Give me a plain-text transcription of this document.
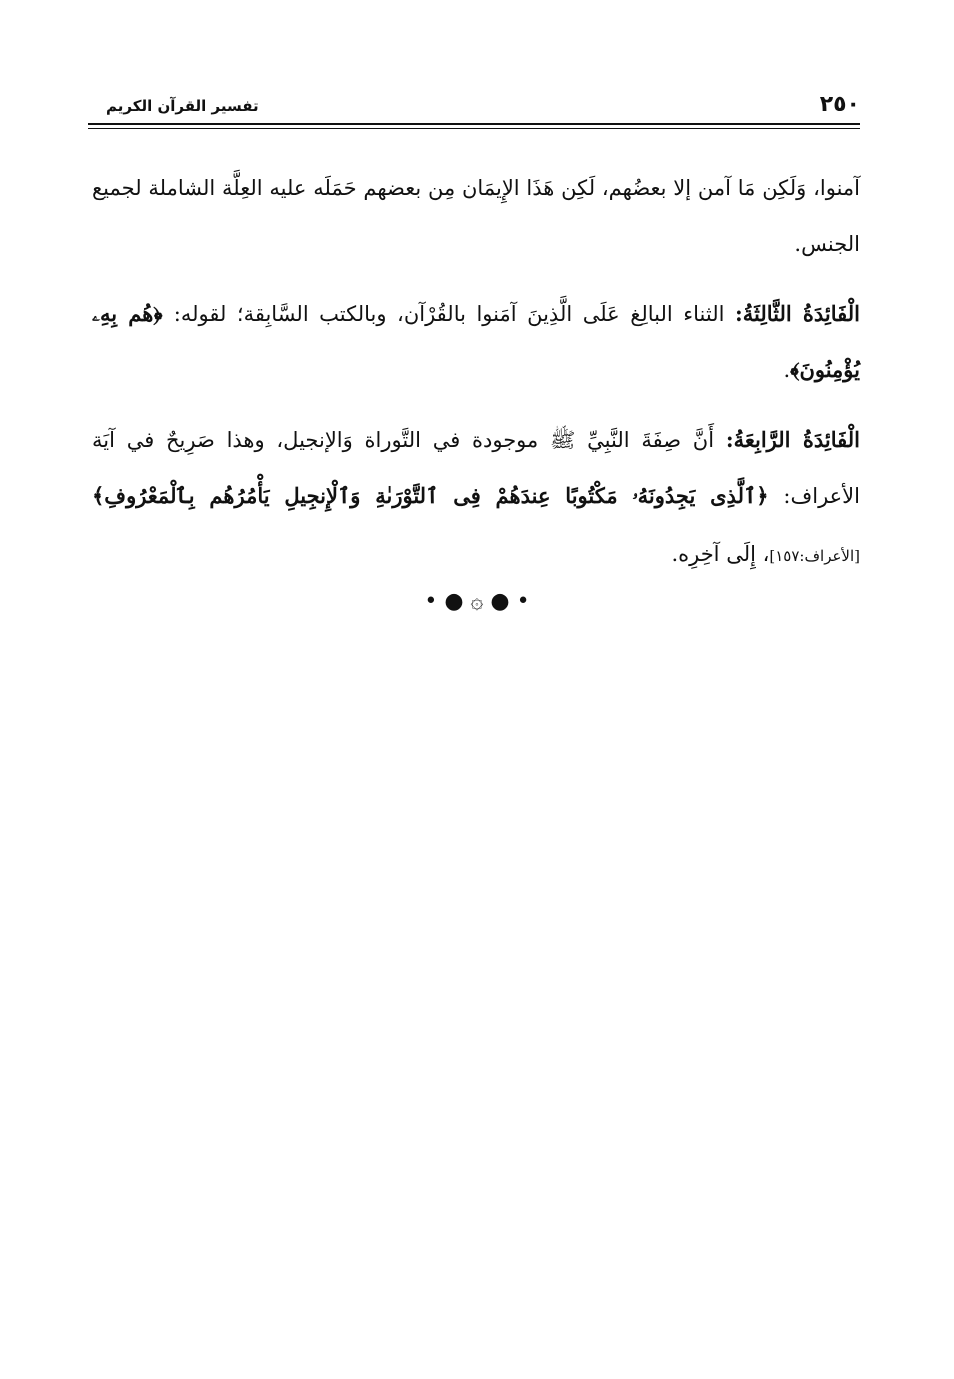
٢٥٠
تفسير القرآن الكريم

آمنوا، وَلَكِن مَا آمن إلا بعضُهم، لَكِن هَذَا الإِيمَان مِن بعضهم حَمَلَه عليه العِلَّة الشاملة لجميع الجنس.

الْفَائِدَةُ الثَّالِثَةُ: الثناء البالِغ عَلَى الَّذِينَ آمَنوا بالقُرْآن، وبالكتب السَّابِقة؛ لقوله: ﴿هُم بِهِۦ يُؤْمِنُونَ﴾.

الْفَائِدَةُ الرَّابِعَةُ: أَنَّ صِفَةَ النَّبِيِّ ﷺ موجودة في التَّوراة وَالإنجيل، وهذا صَرِيحٌ في آيَة الأعراف: ﴿ٱلَّذِى يَجِدُونَهُۥ مَكْتُوبًا عِندَهُمْ فِى ٱلتَّوْرَىٰةِ وَٱلْإِنجِيلِ يَأْمُرُهُم بِٱلْمَعْرُوفِ﴾ [الأعراف:١٥٧]، إِلَى آخِرِه.

• ● ۞ ● •
